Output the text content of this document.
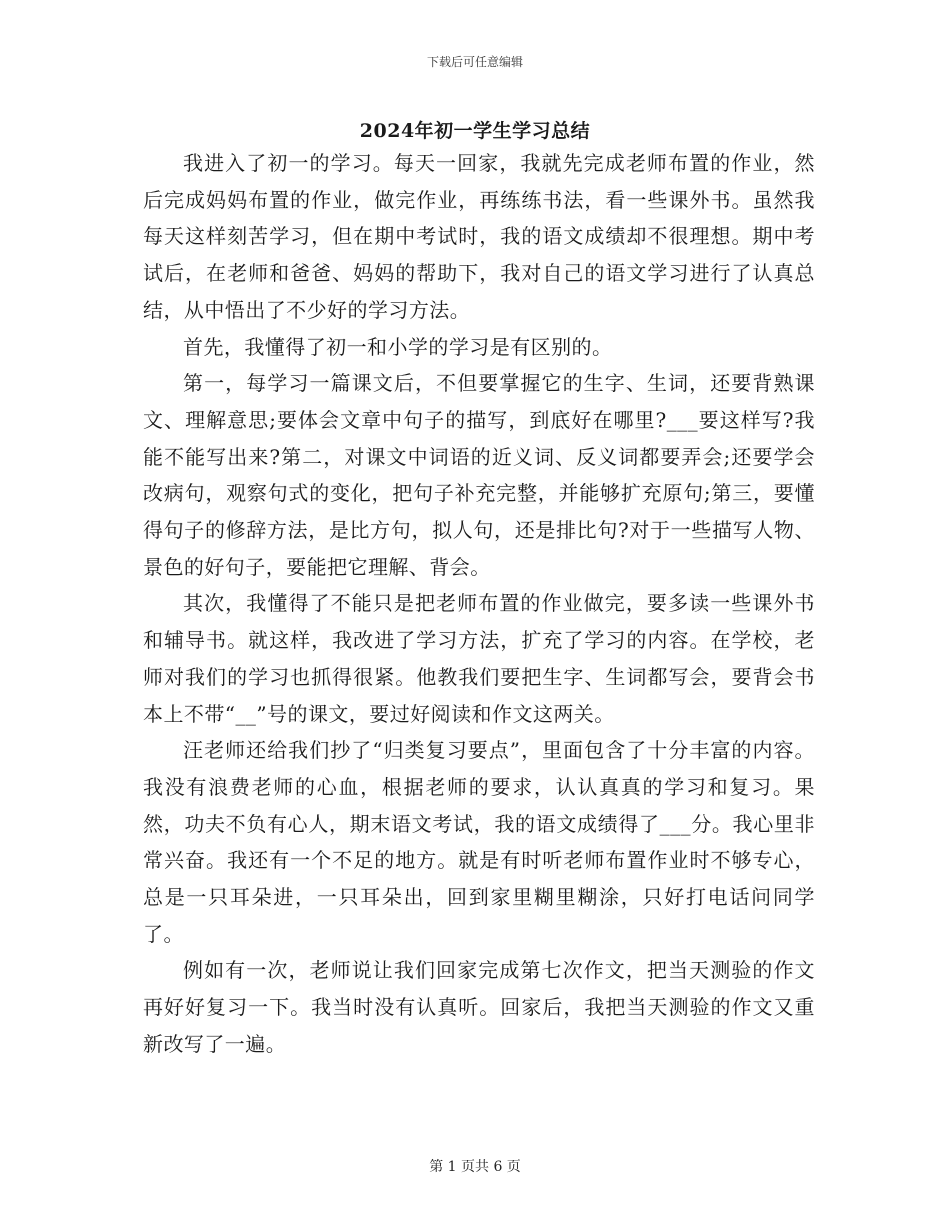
下载后可任意编辑
2024年初一学生学习总结

我进入了初一的学习。每天一回家，我就先完成老师布置的作业，然后完成妈妈布置的作业，做完作业，再练练书法，看一些课外书。虽然我每天这样刻苦学习，但在期中考试时，我的语文成绩却不很理想。期中考试后，在老师和爸爸、妈妈的帮助下，我对自己的语文学习进行了认真总结，从中悟出了不少好的学习方法。

首先，我懂得了初一和小学的学习是有区别的。

第一，每学习一篇课文后，不但要掌握它的生字、生词，还要背熟课文、理解意思;要体会文章中句子的描写，到底好在哪里?___要这样写?我能不能写出来?第二，对课文中词语的近义词、反义词都要弄会;还要学会改病句，观察句式的变化，把句子补充完整，并能够扩充原句;第三，要懂得句子的修辞方法，是比方句，拟人句，还是排比句?对于一些描写人物、景色的好句子，要能把它理解、背会。

其次，我懂得了不能只是把老师布置的作业做完，要多读一些课外书和辅导书。就这样，我改进了学习方法，扩充了学习的内容。在学校，老师对我们的学习也抓得很紧。他教我们要把生字、生词都写会，要背会书本上不带“__”号的课文，要过好阅读和作文这两关。

汪老师还给我们抄了“归类复习要点”，里面包含了十分丰富的内容。我没有浪费老师的心血，根据老师的要求，认认真真的学习和复习。果然，功夫不负有心人，期末语文考试，我的语文成绩得了___分。我心里非常兴奋。我还有一个不足的地方。就是有时听老师布置作业时不够专心，总是一只耳朵进，一只耳朵出，回到家里糊里糊涂，只好打电话问同学了。

例如有一次，老师说让我们回家完成第七次作文，把当天测验的作文再好好复习一下。我当时没有认真听。回家后，我把当天测验的作文又重新改写了一遍。

第 1 页共 6 页
